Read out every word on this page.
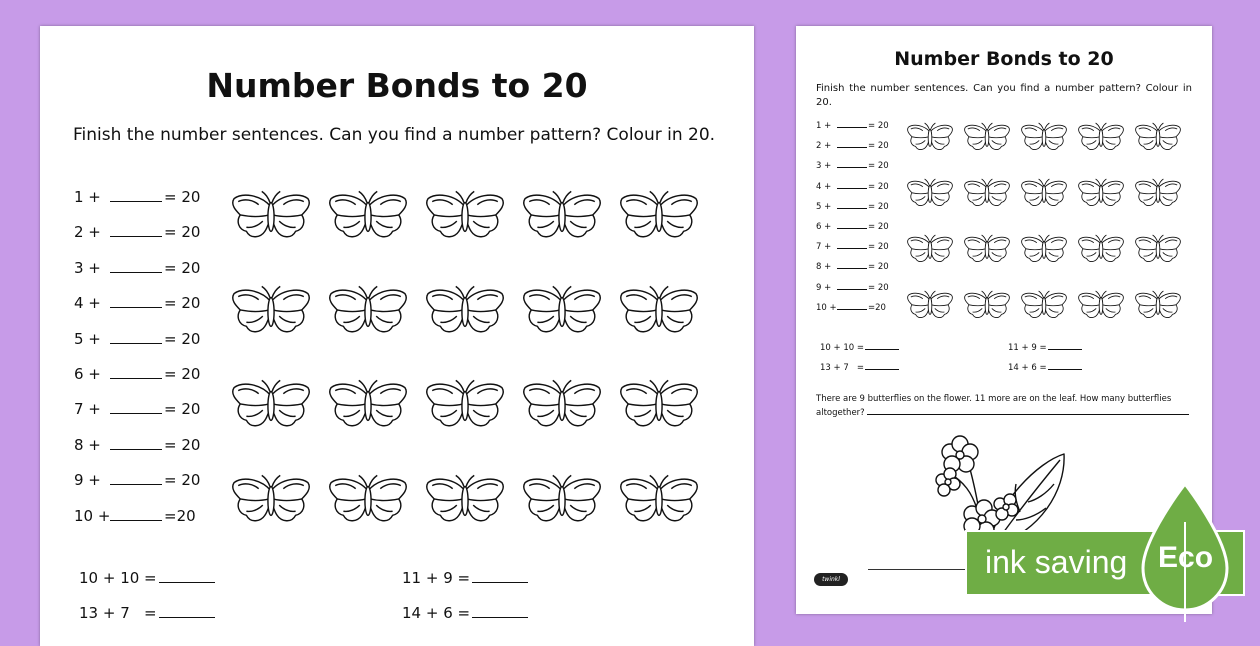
Number Bonds to 20
Finish the number sentences. Can you find a number pattern? Colour in 20.
1 +	= 20
2 +	= 20
3 +	= 20
4 +	= 20
5 +	= 20
6 +	= 20
7 +	= 20
8 +	= 20
9 +	= 20
10 +	=20
10 + 10 =	11 + 9 =
13 + 7   =	14 + 6 =
Number Bonds to 20
Finish the number sentences. Can you find a number pattern? Colour in 20.
1 +	= 20
2 +	= 20
3 +	= 20
4 +	= 20
5 +	= 20
6 +	= 20
7 +	= 20
8 +	= 20
9 +	= 20
10 +	=20
10 + 10 =	11 + 9 =
13 + 7   =	14 + 6 =
There are 9 butterflies on the flower. 11 more are on the leaf. How many butterflies altogether?
twinkl	ink saving Eco
